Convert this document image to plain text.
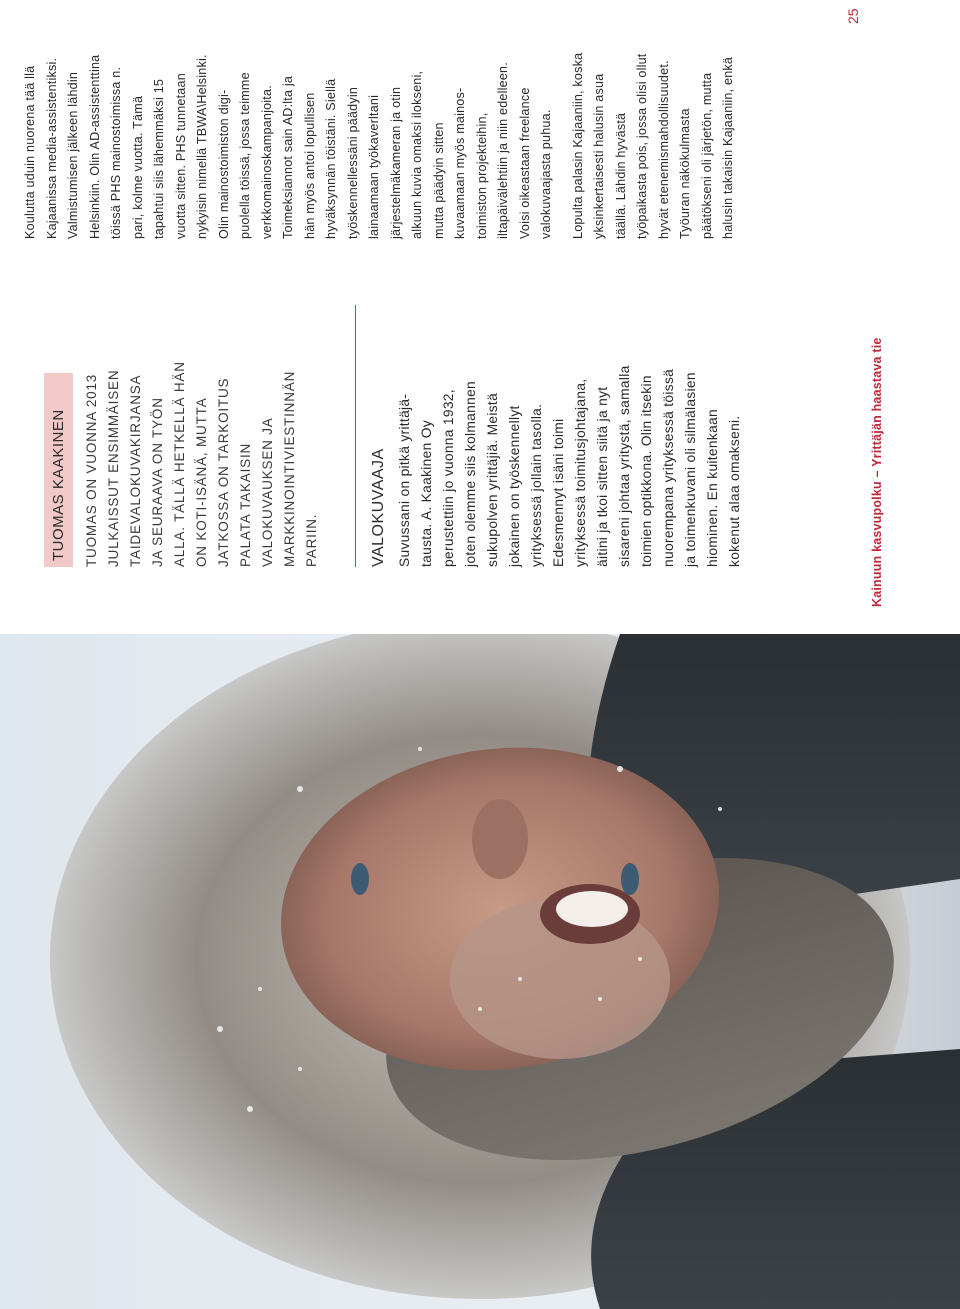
TUOMAS KAAKINEN TUOMAS ON VUONNA 2013 JULKAISSUT ENSIMMÄISEN TAIDEVALOKUVAKIRJANSA JA SEURAAVA ON TYÖN ALLA. TÄLLÄ HETKELLÄ HÄN ON KOTI-ISÄNÄ, MUTTA JATKOSSA ON TARKOITUS PALATA TAKAISIN VALOKUVAUKSEN JA MARKKINOINTIVIESTINNÄN PARIIN.	VALOKUVAAJA Suvussani on pitkä yrittäjä- tausta. A. Kaakinen Oy perustettiin jo vuonna 1932, joten olemme siis kolmannen sukupolven yrittäjiä. Meistä jokainen on työskennellyt yrityksessä jollain tasolla. Edesmennyt isäni toimi yrityksessä toimitusjohtajana, äitini ja tkoi sitten siitä ja nyt sisareni johtaa yritystä, samalla toimien optikkona. Olin itsekin nuorempana yrityksessä töissä ja toimenkuvani oli silmälasien hiominen. En kuitenkaan kokenut alaa omakseni.	Kainuun kasvupolku – Yrittäjän haastava tie
25
Koulutta uduin nuorena tää llä Kajaanissa media-assistentiksi. Valmistumisen jälkeen lähdin Helsinkiin. Olin AD-assistenttina töissä PHS mainostoimissa n. pari, kolme vuotta. Tämä tapahtui siis lähemmäksi 15 vuotta sitten. PHS tunnetaan nykyisin nimellä TBWA\Helsinki. Olin mainostoimiston digi- puolella töissä, jossa teimme verkkomainoskampanjoita. Toimeksiannot sain AD:lta ja hän myös antoi lopullisen hyväksynnän töistäni. Siellä työskennellessäni päädyin lainaamaan työkaverltani järjestelmäkameran ja otin alkuun kuvia omaksi ilokseni, mutta päädyin sitten kuvaamaan myös mainos- toimiston projekteihin, iltapäivälehtiin ja niin edelleen. Voisi oikeastaan freelance valokuvaajasta puhua.	Lopulta palasin Kajaaniin, koska yksinkertaisesti halusin asua täällä. Lähdin hyvästä työpaikasta pois, jossa olisi ollut hyvät etenemismahdollisuudet. Työuran näkökulmasta päätökseni oli järjetön, mutta halusin takaisin Kajaaniin, enkä
